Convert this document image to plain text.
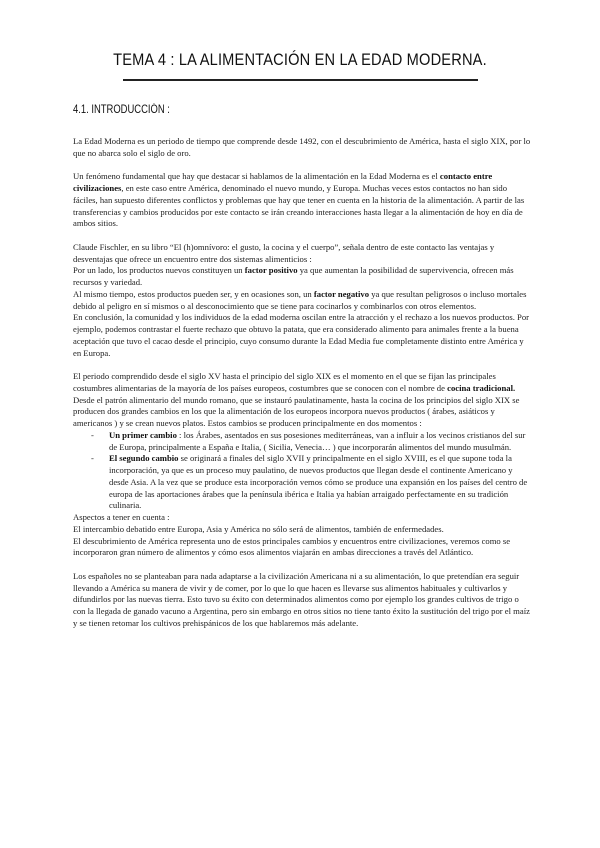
TEMA 4 : LA ALIMENTACIÓN EN LA EDAD MODERNA.
4.1. INTRODUCCIÓN :

La Edad Moderna es un periodo de tiempo que comprende desde 1492, con el descubrimiento de América, hasta el siglo XIX, por lo que no abarca solo el siglo de oro.

Un fenómeno fundamental que hay que destacar si hablamos de la alimentación en la Edad Moderna es el contacto entre civilizaciones, en este caso entre América, denominado el nuevo mundo, y Europa. Muchas veces estos contactos no han sido fáciles, han supuesto diferentes conflictos y problemas que hay que tener en cuenta en la historia de la alimentación. A partir de las transferencias y cambios producidos por este contacto se irán creando interacciones hasta llegar a la alimentación de hoy en día de ambos sitios.

Claude Fischler, en su libro “El (h)omnívoro: el gusto, la cocina y el cuerpo”, señala dentro de este contacto las ventajas y desventajas que ofrece un encuentro entre dos sistemas alimenticios :

Por un lado, los productos nuevos constituyen un factor positivo ya que aumentan la posibilidad de supervivencia, ofrecen más recursos y variedad.

Al mismo tiempo, estos productos pueden ser, y en ocasiones son, un factor negativo ya que resultan peligrosos o incluso mortales debido al peligro en sí mismos o al desconocimiento que se tiene para cocinarlos y combinarlos con otros elementos.

En conclusión, la comunidad y los individuos de la edad moderna oscilan entre la atracción y el rechazo a los nuevos productos. Por ejemplo, podemos contrastar el fuerte rechazo que obtuvo la patata, que era considerado alimento para animales frente a la buena aceptación que tuvo el cacao desde el principio, cuyo consumo durante la Edad Media fue completamente distinto entre América y en Europa.

El periodo comprendido desde el siglo XV hasta el principio del siglo XIX es el momento en el que se fijan las principales costumbres alimentarias de la mayoría de los países europeos, costumbres que se conocen con el nombre de cocina tradicional.

Desde el patrón alimentario del mundo romano, que se instauró paulatinamente, hasta la cocina de los principios del siglo XIX se producen dos grandes cambios en los que la alimentación de los europeos incorpora nuevos productos ( árabes, asiáticos y americanos ) y se crean nuevos platos. Estos cambios se producen principalmente en dos momentos :

- Un primer cambio : los Árabes, asentados en sus posesiones mediterráneas, van a influir a los vecinos cristianos del sur de Europa, principalmente a España e Italia, ( Sicilia, Venecia… ) que incorporarán alimentos del mundo musulmán.
- El segundo cambio se originará a finales del siglo XVII y principalmente en el siglo XVIII, es el que supone toda la incorporación, ya que es un proceso muy paulatino, de nuevos productos que llegan desde el continente Americano y desde Asia. A la vez que se produce esta incorporación vemos cómo se produce una expansión en los países del centro de europa de las aportaciones árabes que la península ibérica e Italia ya habían arraigado perfectamente en su tradición culinaria.

Aspectos a tener en cuenta :

El intercambio debatido entre Europa, Asia y América no sólo será de alimentos, también de enfermedades.

El descubrimiento de América representa uno de estos principales cambios y encuentros entre civilizaciones, veremos como se incorporaron gran número de alimentos y cómo esos alimentos viajarán en ambas direcciones a través del Atlántico.

Los españoles no se planteaban para nada adaptarse a la civilización Americana ni a su alimentación, lo que pretendían era seguir llevando a América su manera de vivir y de comer, por lo que lo que hacen es llevarse sus alimentos habituales y cultivarlos y difundirlos por las nuevas tierra. Esto tuvo su éxito con determinados alimentos como por ejemplo los grandes cultivos de trigo o con la llegada de ganado vacuno a Argentina, pero sin embargo en otros sitios no tiene tanto éxito la sustitución del trigo por el maíz y se tienen retomar los cultivos prehispánicos de los que hablaremos más adelante.
